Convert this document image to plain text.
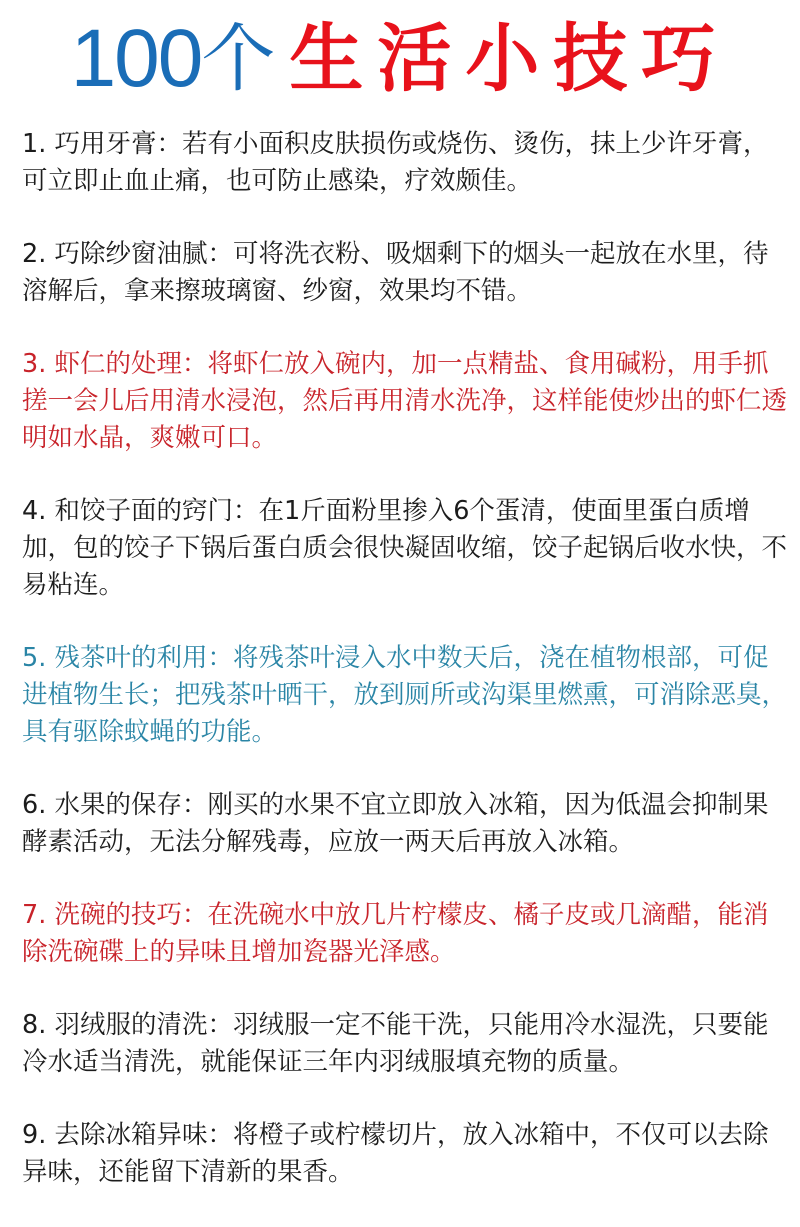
100个生活小技巧

1. 巧用牙膏：若有小面积皮肤损伤或烧伤、烫伤，抹上少许牙膏，可立即止血止痛，也可防止感染，疗效颇佳。

2. 巧除纱窗油腻：可将洗衣粉、吸烟剩下的烟头一起放在水里，待溶解后，拿来擦玻璃窗、纱窗，效果均不错。

3. 虾仁的处理：将虾仁放入碗内，加一点精盐、食用碱粉，用手抓搓一会儿后用清水浸泡，然后再用清水洗净，这样能使炒出的虾仁透明如水晶，爽嫩可口。

4. 和饺子面的窍门：在1斤面粉里掺入6个蛋清，使面里蛋白质增加，包的饺子下锅后蛋白质会很快凝固收缩，饺子起锅后收水快，不易粘连。

5. 残茶叶的利用：将残茶叶浸入水中数天后，浇在植物根部，可促进植物生长；把残茶叶晒干，放到厕所或沟渠里燃熏，可消除恶臭，具有驱除蚊蝇的功能。

6. 水果的保存：刚买的水果不宜立即放入冰箱，因为低温会抑制果酵素活动，无法分解残毒，应放一两天后再放入冰箱。

7. 洗碗的技巧：在洗碗水中放几片柠檬皮、橘子皮或几滴醋，能消除洗碗碟上的异味且增加瓷器光泽感。

8. 羽绒服的清洗：羽绒服一定不能干洗，只能用冷水湿洗，只要能冷水适当清洗，就能保证三年内羽绒服填充物的质量。

9. 去除冰箱异味：将橙子或柠檬切片，放入冰箱中，不仅可以去除异味，还能留下清新的果香。
